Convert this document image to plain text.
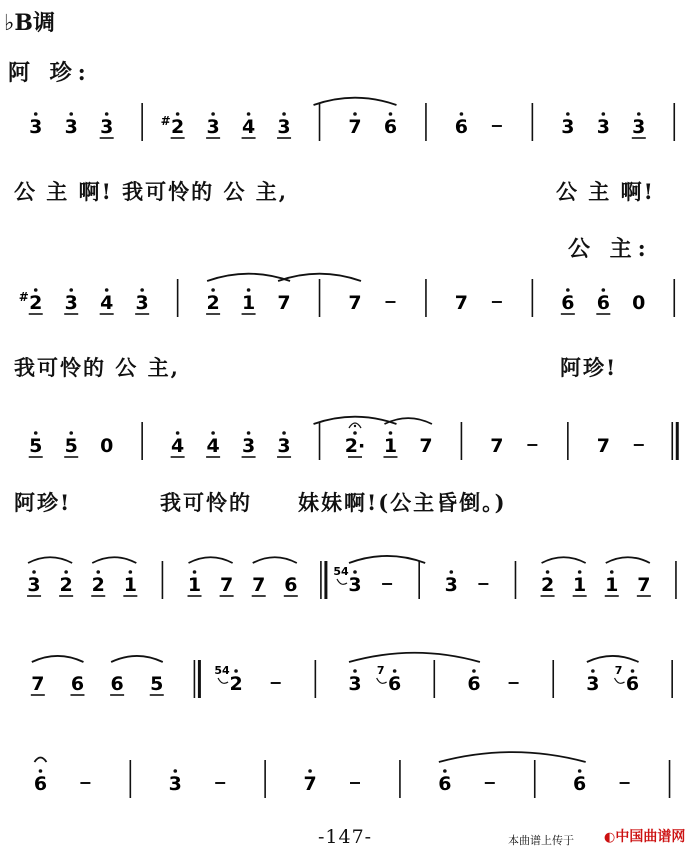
♭B调
阿 珍:
公 主:
3 3 3	2
# 3 4 3	7 6	6	3 3 3
2
# 3 4 3	2 1 7	7	7	6 6 0
5 5 0	4 4 3 3	2· 1 7	7	7
3 2 2 1	1 7 7 6	3
54
3	2 1 1 7
7 6 6 5	2
54
3 6
7
6	3 6
7
6	3	7	6	6
公 主 啊! 我可怜的 公 主,	公 主 啊!
我可怜的 公 主,	阿珍!
阿珍!	我可怜的 妹妹啊!(公主昏倒。)
-147-	本曲谱上传于 ◐中国曲谱网
